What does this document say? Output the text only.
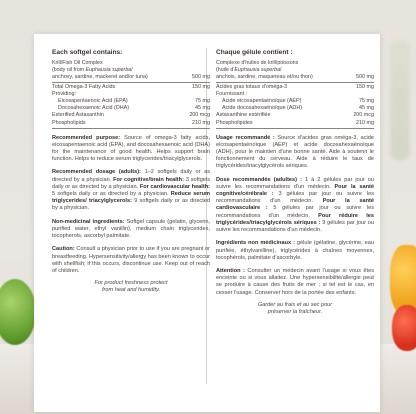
Each softgel contains:
Krill/Fish Oil Complex
(body oil from Euphausia superba/
anchovy, sardine, mackerel and/or tuna)	500 mg
Total Omega-3 Fatty Acids	150 mg
Providing:
Eicosapentaenoic Acid (EPA)	75 mg
Docosahexaenoic Acid (DHA)	45 mg
Esterified Astaxanthin	200 mcg
Phospholipids	210 mg
Recommended purpose: Source of omega-3 fatty acids, eicosapentaenoic acid (EPA), and docosahexaenoic acid (DHA) for the maintenance of good health. Helps support brain function. Helps to reduce serum triglycerides/triacylglycerols.
Recommended dosage (adults): 1–2 softgels daily or as directed by a physician. For cognitive/brain health: 3 softgels daily or as directed by a physician. For cardiovascular health: 5 softgels daily or as directed by a physician. Reduce serum triglycerides/ triacylglycerols: 9 softgels daily or as directed by a physician.
Non-medicinal ingredients: Softgel capsule (gelatin, glycerin, purified water, ethyl vanillin), medium chain triglycerides, tocopherols, ascorbyl palmitate.
Caution: Consult a physician prior to use if you are pregnant or breastfeeding. Hypersensitivity/allergy has been known to occur with shellfish; if this occurs, discontinue use. Keep out of reach of children.
For product freshness protect
from heat and humidity.
Chaque gélule contient :
Complexe d'huiles de krill/poissons
(huile d'Euphausia superba/
anchois, sardine, maquereau et/ou thon)	500 mg
Acides gras totaux d'oméga-3	150 mg
Fournissant :
Acide eicosapentaénoïque (AEP)	75 mg
Acide docosahexaénoïque (ADH)	45 mg
Astaxanthine estérifiée	200 mcg
Phospholipides	210 mg
Usage recommandé : Source d'acides gras oméga-3, acide eicosapentaénoïque (AEP) et acide docosahexaénoïque (ADH), pour le maintien d'une bonne santé. Aide à soutenir le fonctionnement du cerveau. Aide à réduire le taux de triglycérides/triacylglycérols sériques.
Dose recommandée (adultes) : 1 à 2 gélules par jour ou suivre les recommandations d'un médecin. Pour la santé cognitive/cérébrale : 3 gélules par jour ou suivre les recommandations d'un médecin. Pour la santé cardiovasculaire : 5 gélules par jour ou suivre les recommandations d'un médecin. Pour réduire les triglycérides/triacylglycérols sériques : 9 gélules par jour ou suivre les recommandations d'un médecin.
Ingrédients non médicinaux : gélule (gélatine, glycérine, eau purifiée, éthylvanilline), triglycérides à chaînes moyennes, tocophérols, palmitate d'ascorbyle.
Attention : Consulter un médecin avant l'usage si vous êtes enceinte ou si vous allaitez. Une hypersensibilité/allergie peut se produire à cause des fruits de mer ; si tel est le cas, en cesser l'usage. Conserver hors de la portée des enfants.
Garder au frais et au sec pour
préserver la fraîcheur.
